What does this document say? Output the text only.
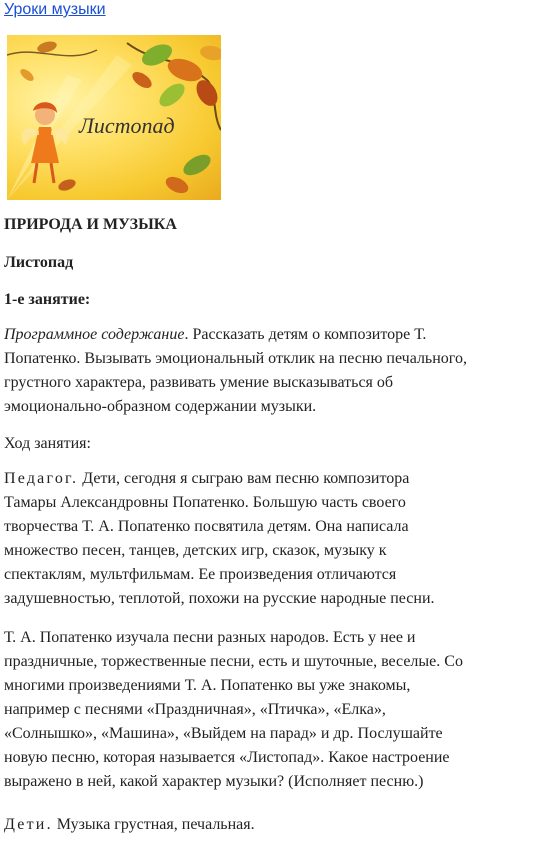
Уроки музыки
Листопад
ПРИРОДА И МУЗЫКА
Листопад
1-е занятие:

Программное содержание. Рассказать детям о композиторе Т.
Попатенко. Вызывать эмоциональный отклик на песню печального,
грустного характера, развивать умение высказываться об
эмоционально-образном содержании музыки.

Ход занятия:

Педагог. Дети, сегодня я сыграю вам песню композитора
Тамары Александровны Попатенко. Большую часть своего
творчества Т. А. Попатенко посвятила детям. Она написала
множество песен, танцев, детских игр, сказок, музыку к
спектаклям, мультфильмам. Ее произведения отличаются
задушевностью, теплотой, похожи на русские народные песни.

Т. А. Попатенко изучала песни разных народов. Есть у нее и
праздничные, торжественные песни, есть и шуточные, веселые. Со
многими произведениями Т. А. Попатенко вы уже знакомы,
например с песнями «Праздничная», «Птичка», «Елка»,
«Солнышко», «Машина», «Выйдем на парад» и др. Послушайте
новую песню, которая называется «Листопад». Какое настроение
выражено в ней, какой характер музыки? (Исполняет песню.)

Дети. Музыка грустная, печальная.
